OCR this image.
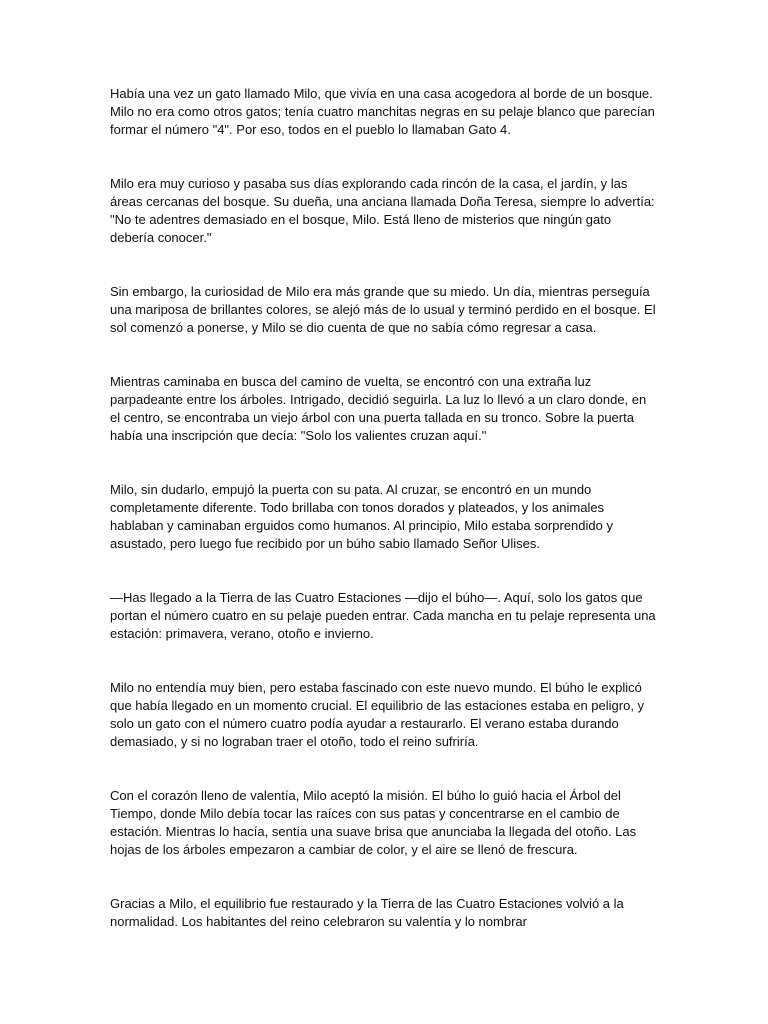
Había una vez un gato llamado Milo, que vivía en una casa acogedora al borde de un bosque. Milo no era como otros gatos; tenía cuatro manchitas negras en su pelaje blanco que parecían formar el número "4". Por eso, todos en el pueblo lo llamaban Gato 4.

Milo era muy curioso y pasaba sus días explorando cada rincón de la casa, el jardín, y las áreas cercanas del bosque. Su dueña, una anciana llamada Doña Teresa, siempre lo advertía: "No te adentres demasiado en el bosque, Milo. Está lleno de misterios que ningún gato debería conocer."

Sin embargo, la curiosidad de Milo era más grande que su miedo. Un día, mientras perseguía una mariposa de brillantes colores, se alejó más de lo usual y terminó perdido en el bosque. El sol comenzó a ponerse, y Milo se dio cuenta de que no sabía cómo regresar a casa.

Mientras caminaba en busca del camino de vuelta, se encontró con una extraña luz parpadeante entre los árboles. Intrigado, decidió seguirla. La luz lo llevó a un claro donde, en el centro, se encontraba un viejo árbol con una puerta tallada en su tronco. Sobre la puerta había una inscripción que decía: "Solo los valientes cruzan aquí."

Milo, sin dudarlo, empujó la puerta con su pata. Al cruzar, se encontró en un mundo completamente diferente. Todo brillaba con tonos dorados y plateados, y los animales hablaban y caminaban erguidos como humanos. Al principio, Milo estaba sorprendido y asustado, pero luego fue recibido por un búho sabio llamado Señor Ulises.

—Has llegado a la Tierra de las Cuatro Estaciones —dijo el búho—. Aquí, solo los gatos que portan el número cuatro en su pelaje pueden entrar. Cada mancha en tu pelaje representa una estación: primavera, verano, otoño e invierno.

Milo no entendía muy bien, pero estaba fascinado con este nuevo mundo. El búho le explicó que había llegado en un momento crucial. El equilibrio de las estaciones estaba en peligro, y solo un gato con el número cuatro podía ayudar a restaurarlo. El verano estaba durando demasiado, y si no lograban traer el otoño, todo el reino sufriría.

Con el corazón lleno de valentía, Milo aceptó la misión. El búho lo guió hacia el Árbol del Tiempo, donde Milo debía tocar las raíces con sus patas y concentrarse en el cambio de estación. Mientras lo hacía, sentía una suave brisa que anunciaba la llegada del otoño. Las hojas de los árboles empezaron a cambiar de color, y el aire se llenó de frescura.

Gracias a Milo, el equilibrio fue restaurado y la Tierra de las Cuatro Estaciones volvió a la normalidad. Los habitantes del reino celebraron su valentía y lo nombrar
